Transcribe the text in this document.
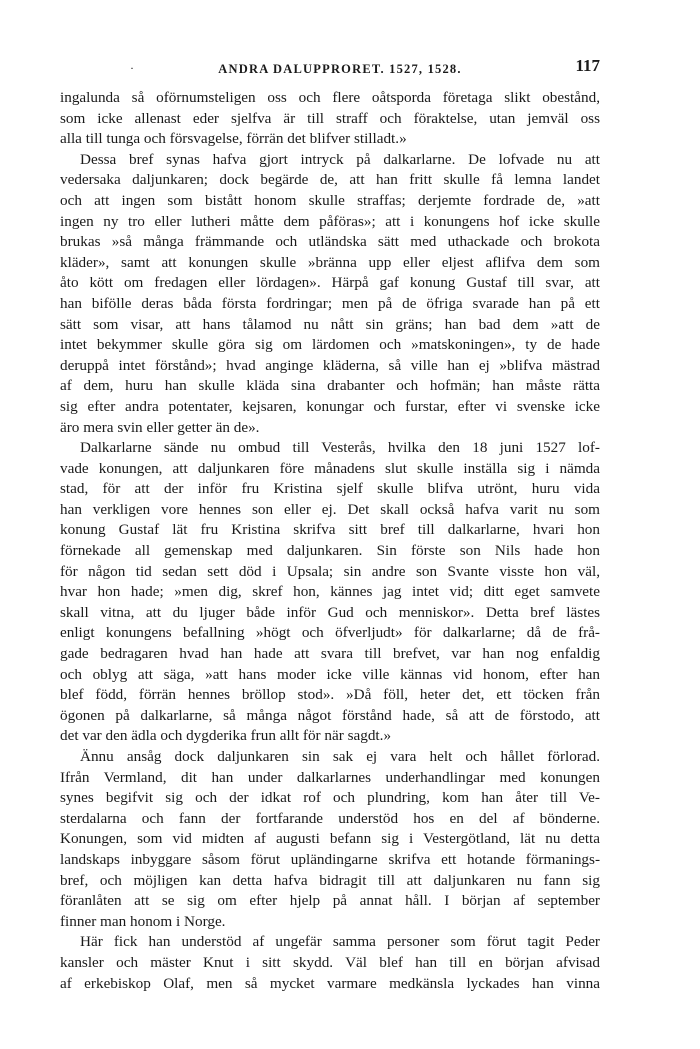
·	ANDRA DALUPPRORET. 1527, 1528.	117
ingalunda så oförnumsteligen oss och flere oåtsporda företaga slikt obestånd,
som icke allenast eder sjelfva är till straff och föraktelse, utan jemväl oss
alla till tunga och försvagelse, förrän det blifver stilladt.»
Dessa bref synas hafva gjort intryck på dalkarlarne. De lofvade nu att
vedersaka daljunkaren; dock begärde de, att han fritt skulle få lemna landet
och att ingen som bistått honom skulle straffas; derjemte fordrade de, »att
ingen ny tro eller lutheri måtte dem påföras»; att i konungens hof icke skulle
brukas »så många främmande och utländska sätt med uthackade och brokota
kläder», samt att konungen skulle »bränna upp eller eljest aflifva dem som
åto kött om fredagen eller lördagen». Härpå gaf konung Gustaf till svar, att
han bifölle deras båda första fordringar; men på de öfriga svarade han på ett
sätt som visar, att hans tålamod nu nått sin gräns; han bad dem »att de
intet bekymmer skulle göra sig om lärdomen och »matskoningen», ty de hade
deruppå intet förstånd»; hvad anginge kläderna, så ville han ej »blifva mästrad
af dem, huru han skulle kläda sina drabanter och hofmän; han måste rätta
sig efter andra potentater, kejsaren, konungar och furstar, efter vi svenske icke
äro mera svin eller getter än de».
Dalkarlarne sände nu ombud till Vesterås, hvilka den 18 juni 1527 lof-
vade konungen, att daljunkaren före månadens slut skulle inställa sig i nämda
stad, för att der inför fru Kristina sjelf skulle blifva utrönt, huru vida
han verkligen vore hennes son eller ej. Det skall också hafva varit nu som
konung Gustaf lät fru Kristina skrifva sitt bref till dalkarlarne, hvari hon
förnekade all gemenskap med daljunkaren. Sin förste son Nils hade hon
för någon tid sedan sett död i Upsala; sin andre son Svante visste hon väl,
hvar hon hade; »men dig, skref hon, kännes jag intet vid; ditt eget samvete
skall vitna, att du ljuger både inför Gud och menniskor». Detta bref lästes
enligt konungens befallning »högt och öfverljudt» för dalkarlarne; då de frå-
gade bedragaren hvad han hade att svara till brefvet, var han nog enfaldig
och oblyg att säga, »att hans moder icke ville kännas vid honom, efter han
blef född, förrän hennes bröllop stod». »Då föll, heter det, ett töcken från
ögonen på dalkarlarne, så många något förstånd hade, så att de förstodo, att
det var den ädla och dygderika frun allt för när sagdt.»
Ännu ansåg dock daljunkaren sin sak ej vara helt och hållet förlorad.
Ifrån Vermland, dit han under dalkarlarnes underhandlingar med konungen
synes begifvit sig och der idkat rof och plundring, kom han åter till Ve-
sterdalarna och fann der fortfarande understöd hos en del af bönderne.
Konungen, som vid midten af augusti befann sig i Vestergötland, lät nu detta
landskaps inbyggare såsom förut upländingarne skrifva ett hotande förmanings-
bref, och möjligen kan detta hafva bidragit till att daljunkaren nu fann sig
föranlåten att se sig om efter hjelp på annat håll. I början af september
finner man honom i Norge.
Här fick han understöd af ungefär samma personer som förut tagit Peder
kansler och mäster Knut i sitt skydd. Väl blef han till en början afvisad
af erkebiskop Olaf, men så mycket varmare medkänsla lyckades han vinna
